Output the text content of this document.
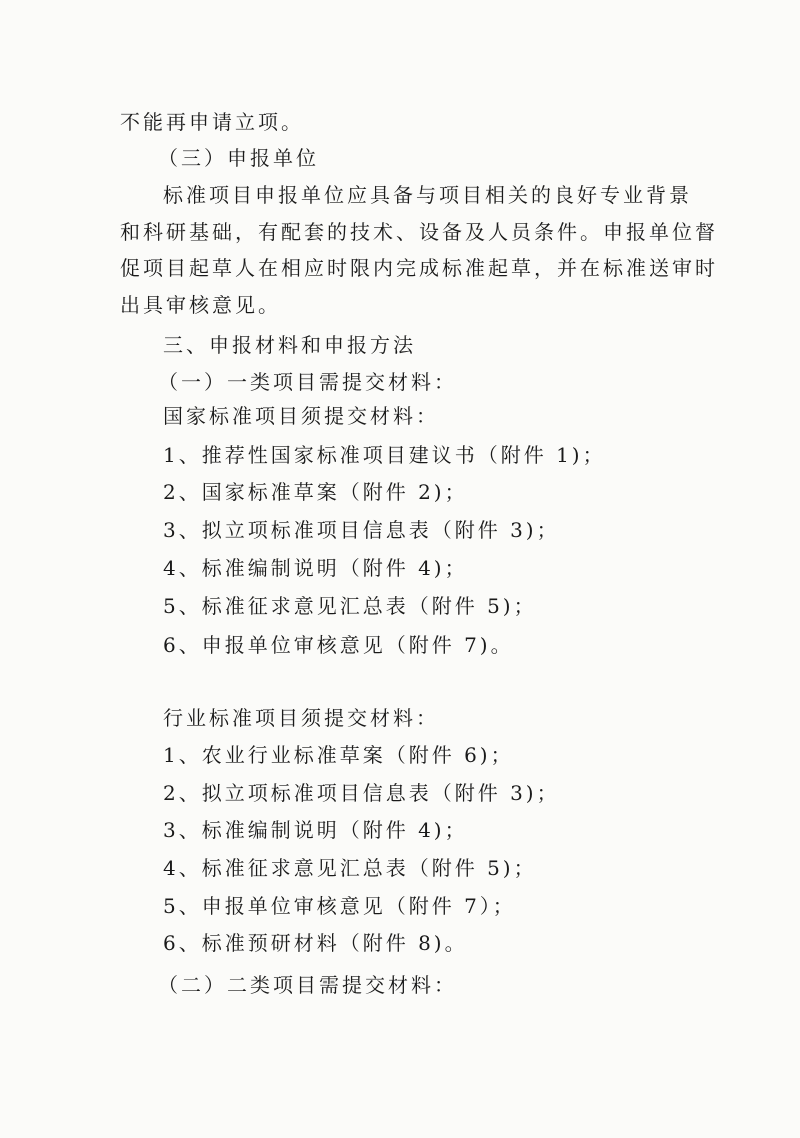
不能再申请立项。
（三）申报单位
标准项目申报单位应具备与项目相关的良好专业背景
和科研基础，有配套的技术、设备及人员条件。申报单位督
促项目起草人在相应时限内完成标准起草，并在标准送审时
出具审核意见。
三、申报材料和申报方法
（一）一类项目需提交材料：
国家标准项目须提交材料：
1、推荐性国家标准项目建议书（附件 1)；
2、国家标准草案（附件 2)；
3、拟立项标准项目信息表（附件 3)；
4、标准编制说明（附件 4)；
5、标准征求意见汇总表（附件 5)；
6、申报单位审核意见（附件 7)。
行业标准项目须提交材料：
1、农业行业标准草案（附件 6)；
2、拟立项标准项目信息表（附件 3)；
3、标准编制说明（附件 4)；
4、标准征求意见汇总表（附件 5)；
5、申报单位审核意见（附件 7）；
6、标准预研材料（附件 8)。
（二）二类项目需提交材料：
